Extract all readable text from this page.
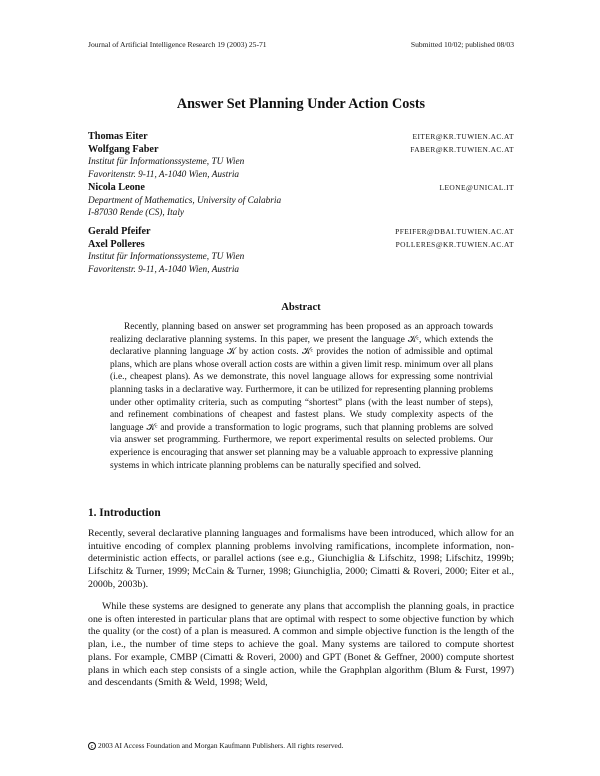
Journal of Artificial Intelligence Research 19 (2003) 25-71	Submitted 10/02; published 08/03
Answer Set Planning Under Action Costs
Thomas Eiter	EITER@KR.TUWIEN.AC.AT
Wolfgang Faber	FABER@KR.TUWIEN.AC.AT
Institut für Informationssysteme, TU Wien
Favoritenstr. 9-11, A-1040 Wien, Austria
Nicola Leone	LEONE@UNICAL.IT
Department of Mathematics, University of Calabria
I-87030 Rende (CS), Italy
Gerald Pfeifer	PFEIFER@DBAI.TUWIEN.AC.AT
Axel Polleres	POLLERES@KR.TUWIEN.AC.AT
Institut für Informationssysteme, TU Wien
Favoritenstr. 9-11, A-1040 Wien, Austria
Abstract

Recently, planning based on answer set programming has been proposed as an approach towards realizing declarative planning systems. In this paper, we present the language 𝒦ᶜ, which extends the declarative planning language 𝒦 by action costs. 𝒦ᶜ provides the notion of admissible and optimal plans, which are plans whose overall action costs are within a given limit resp. minimum over all plans (i.e., cheapest plans). As we demonstrate, this novel language allows for expressing some nontrivial planning tasks in a declarative way. Furthermore, it can be utilized for representing planning problems under other optimality criteria, such as computing “shortest” plans (with the least number of steps), and refinement combinations of cheapest and fastest plans. We study complexity aspects of the language 𝒦ᶜ and provide a transformation to logic programs, such that planning problems are solved via answer set programming. Furthermore, we report experimental results on selected problems. Our experience is encouraging that answer set planning may be a valuable approach to expressive planning systems in which intricate planning problems can be naturally specified and solved.

1. Introduction

Recently, several declarative planning languages and formalisms have been introduced, which allow for an intuitive encoding of complex planning problems involving ramifications, incomplete information, non-deterministic action effects, or parallel actions (see e.g., Giunchiglia & Lifschitz, 1998; Lifschitz, 1999b; Lifschitz & Turner, 1999; McCain & Turner, 1998; Giunchiglia, 2000; Cimatti & Roveri, 2000; Eiter et al., 2000b, 2003b).

While these systems are designed to generate any plans that accomplish the planning goals, in practice one is often interested in particular plans that are optimal with respect to some objective function by which the quality (or the cost) of a plan is measured. A common and simple objective function is the length of the plan, i.e., the number of time steps to achieve the goal. Many systems are tailored to compute shortest plans. For example, CMBP (Cimatti & Roveri, 2000) and GPT (Bonet & Geffner, 2000) compute shortest plans in which each step consists of a single action, while the Graphplan algorithm (Blum & Furst, 1997) and descendants (Smith & Weld, 1998; Weld,

c 2003 AI Access Foundation and Morgan Kaufmann Publishers. All rights reserved.
